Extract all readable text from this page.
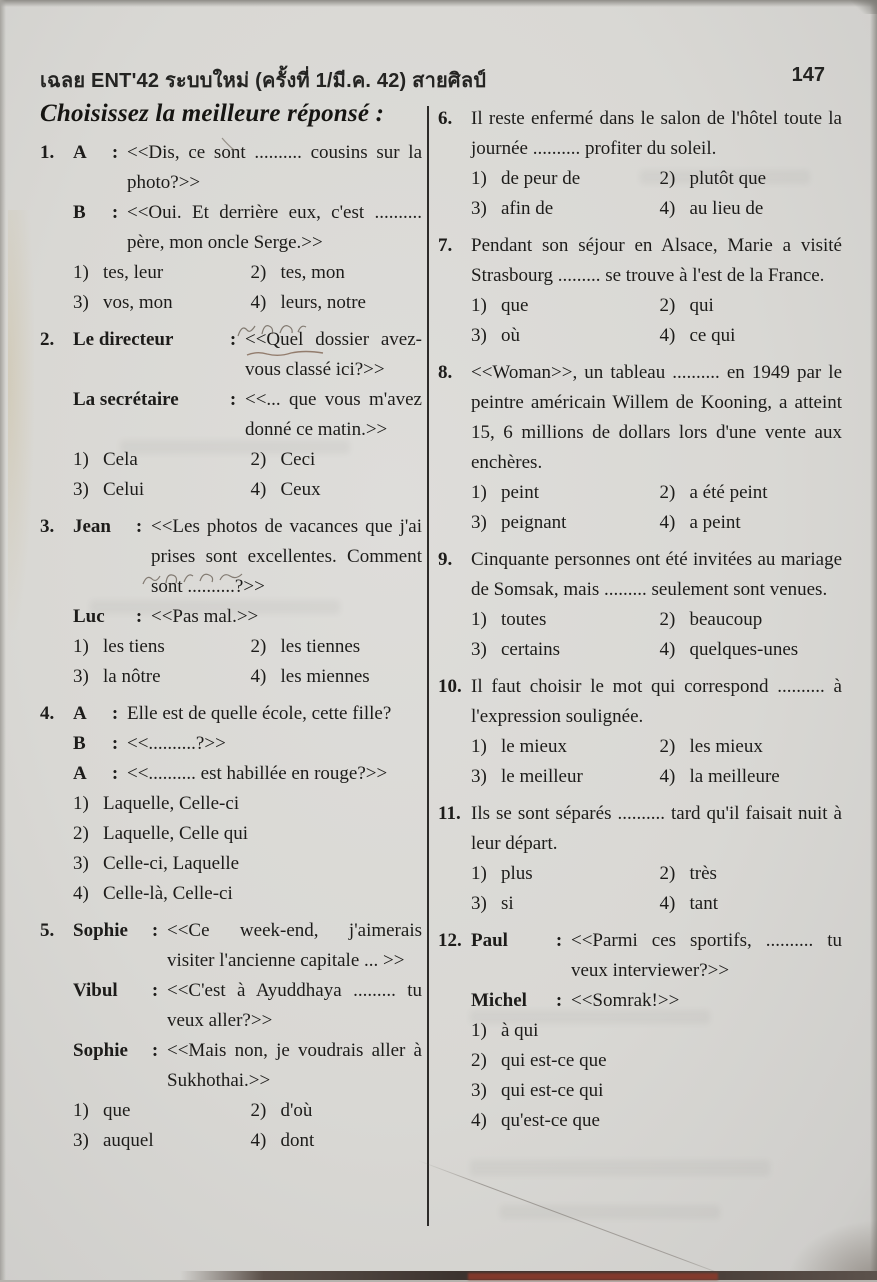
เฉลย ENT'42 ระบบใหม่ (ครั้งที่ 1/มี.ค. 42) สายศิลป์	147
Choisissez la meilleure réponsé :
1. A	: <<Dis, ce sont .......... cousins sur la photo?>>
B	: <<Oui. Et derrière eux, c'est .......... père, mon oncle Serge.>>
1) tes, leur	2) tes, mon
3) vos, mon	4) leurs, notre
2. Le directeur	: <<Quel dossier avez-vous classé ici?>>
La secrétaire	: <<... que vous m'avez donné ce matin.>>
1) Cela	2) Ceci
3) Celui	4) Ceux
3. Jean	: <<Les photos de vacances que j'ai prises sont excellentes. Comment sont ..........?>>
Luc	: <<Pas mal.>>
1) les tiens	2) les tiennes
3) la nôtre	4) les miennes
4. A	: Elle est de quelle école, cette fille?
B	: <<..........?>>
A	: <<.......... est habillée en rouge?>>
1) Laquelle, Celle-ci
2) Laquelle, Celle qui
3) Celle-ci, Laquelle
4) Celle-là, Celle-ci
5. Sophie	: <<Ce week-end, j'aimerais visiter l'ancienne capitale ... >>
Vibul	: <<C'est à Ayuddhaya ......... tu veux aller?>>
Sophie	: <<Mais non, je voudrais aller à Sukhothai.>>
1) que	2) d'où
3) auquel	4) dont
6. Il reste enfermé dans le salon de l'hôtel toute la journée .......... profiter du soleil.

1) de peur de	2) plutôt que
3) afin de	4) au lieu de
7. Pendant son séjour en Alsace, Marie a visité Strasbourg ......... se trouve à l'est de la France.

1) que	2) qui
3) où	4) ce qui
8. <<Woman>>, un tableau .......... en 1949 par le peintre américain Willem de Kooning, a atteint 15, 6 millions de dollars lors d'une vente aux enchères.

1) peint	2) a été peint
3) peignant	4) a peint
9. Cinquante personnes ont été invitées au mariage de Somsak, mais ......... seulement sont venues.

1) toutes	2) beaucoup
3) certains	4) quelques-unes
10. Il faut choisir le mot qui correspond .......... à l'expression soulignée.

1) le mieux	2) les mieux
3) le meilleur	4) la meilleure
11. Ils se sont séparés .......... tard qu'il faisait nuit à leur départ.

1) plus	2) très
3) si	4) tant
12. Paul	: <<Parmi ces sportifs, .......... tu veux interviewer?>>
Michel	: <<Somrak!>>
1) à qui
2) qui est-ce que
3) qui est-ce qui
4) qu'est-ce que
